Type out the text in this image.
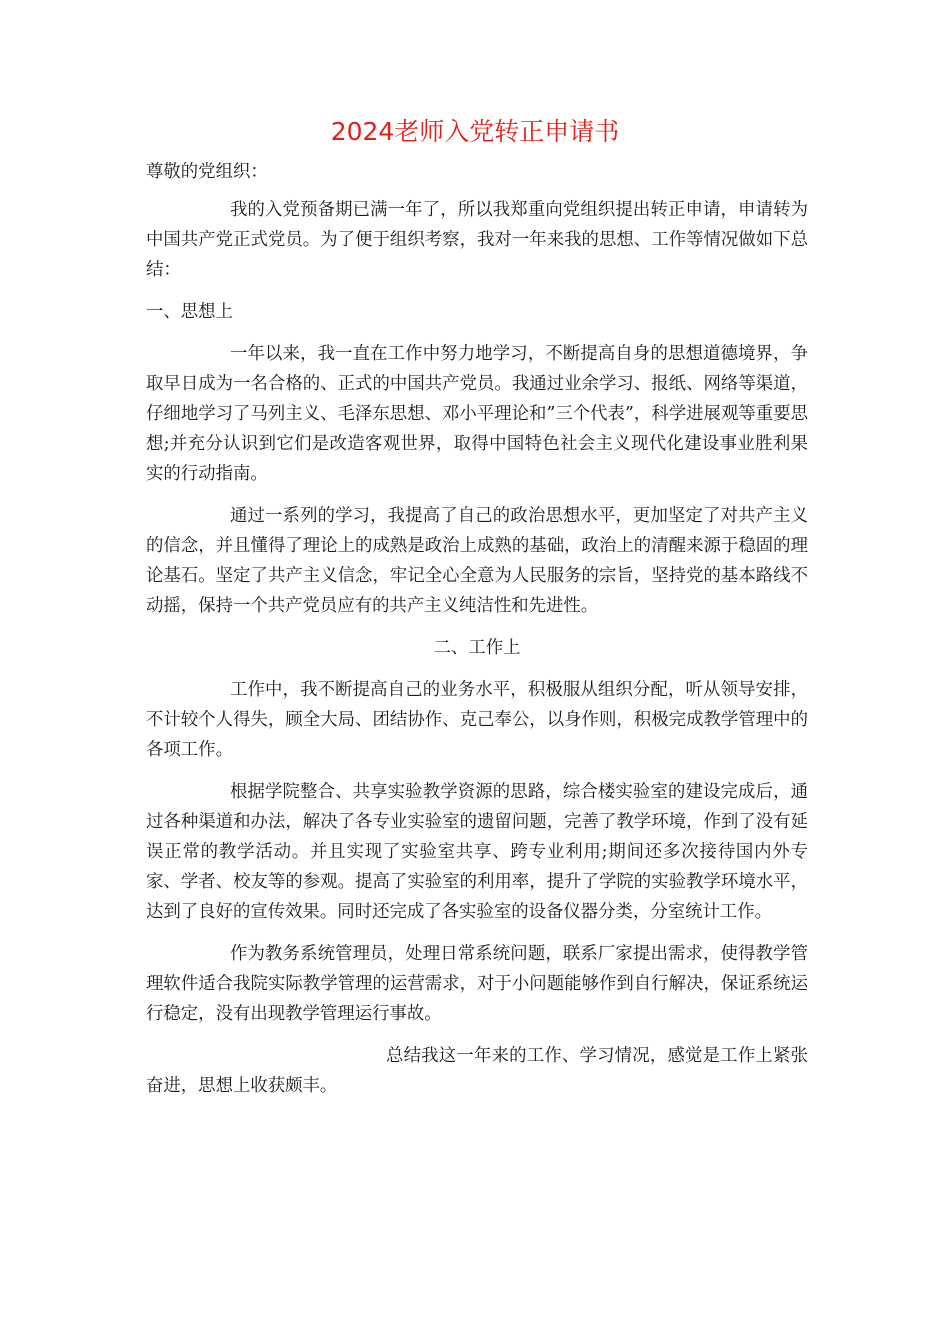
2024老师入党转正申请书

尊敬的党组织：

我的入党预备期已满一年了，所以我郑重向党组织提出转正申请，申请转为中国共产党正式党员。为了便于组织考察，我对一年来我的思想、工作等情况做如下总结：

一、思想上

一年以来，我一直在工作中努力地学习，不断提高自身的思想道德境界，争取早日成为一名合格的、正式的中国共产党员。我通过业余学习、报纸、网络等渠道，仔细地学习了马列主义、毛泽东思想、邓小平理论和”三个代表”，科学进展观等重要思想;并充分认识到它们是改造客观世界，取得中国特色社会主义现代化建设事业胜利果实的行动指南。

通过一系列的学习，我提高了自己的政治思想水平，更加坚定了对共产主义的信念，并且懂得了理论上的成熟是政治上成熟的基础，政治上的清醒来源于稳固的理论基石。坚定了共产主义信念，牢记全心全意为人民服务的宗旨，坚持党的基本路线不动摇，保持一个共产党员应有的共产主义纯洁性和先进性。

二、工作上

工作中，我不断提高自己的业务水平，积极服从组织分配，听从领导安排，不计较个人得失，顾全大局、团结协作、克己奉公，以身作则，积极完成教学管理中的各项工作。

根据学院整合、共享实验教学资源的思路，综合楼实验室的建设完成后，通过各种渠道和办法，解决了各专业实验室的遗留问题，完善了教学环境，作到了没有延误正常的教学活动。并且实现了实验室共享、跨专业利用;期间还多次接待国内外专家、学者、校友等的参观。提高了实验室的利用率，提升了学院的实验教学环境水平，达到了良好的宣传效果。同时还完成了各实验室的设备仪器分类，分室统计工作。

作为教务系统管理员，处理日常系统问题，联系厂家提出需求，使得教学管理软件适合我院实际教学管理的运营需求，对于小问题能够作到自行解决，保证系统运行稳定，没有出现教学管理运行事故。

总结我这一年来的工作、学习情况，感觉是工作上紧张奋进，思想上收获颇丰。
